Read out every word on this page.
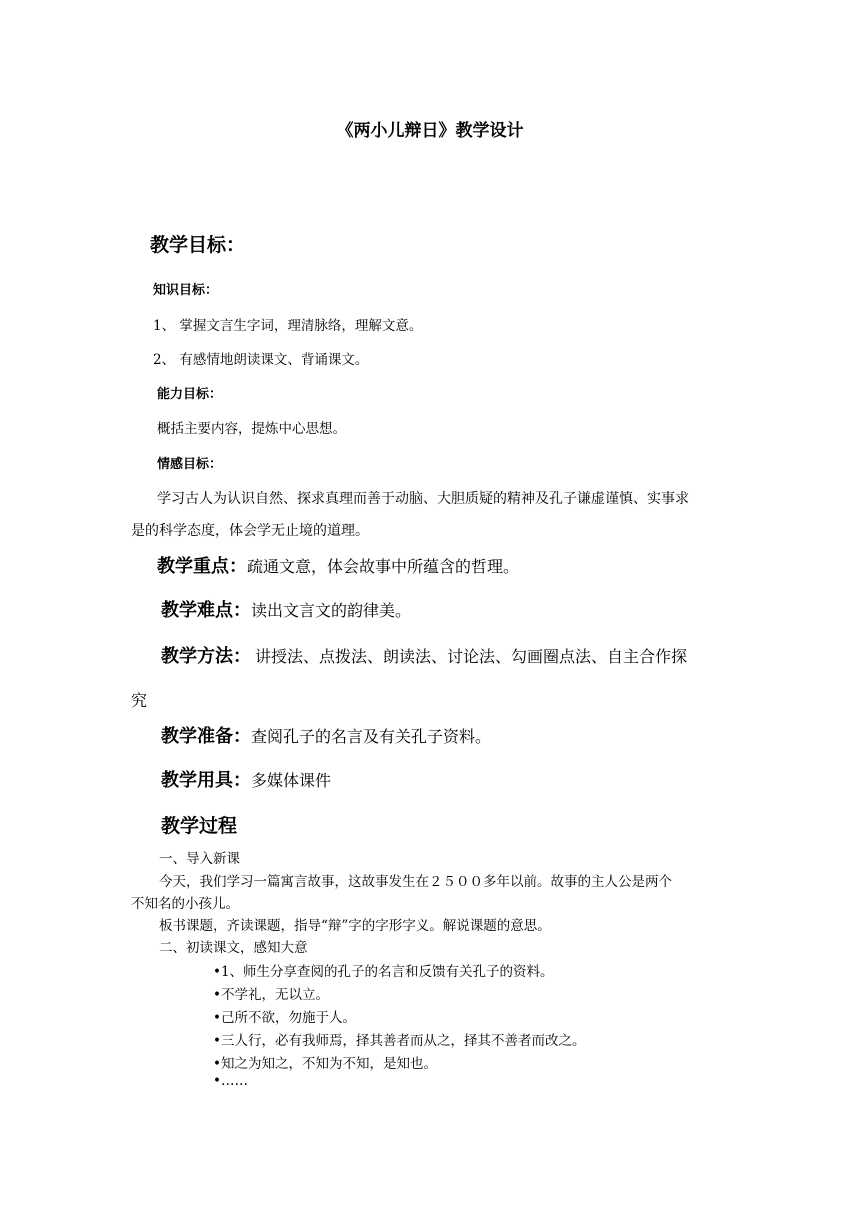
《两小儿辩日》教学设计
教学目标：
知识目标：
1、 掌握文言生字词，理清脉络，理解文意。
2、 有感情地朗读课文、背诵课文。
能力目标：
概括主要内容，提炼中心思想。
情感目标：
学习古人为认识自然、探求真理而善于动脑、大胆质疑的精神及孔子谦虚谨慎、实事求
是的科学态度，体会学无止境的道理。
教学重点：疏通文意，体会故事中所蕴含的哲理。
教学难点：读出文言文的韵律美。
教学方法： 讲授法、点拨法、朗读法、讨论法、勾画圈点法、自主合作探
究
教学准备：查阅孔子的名言及有关孔子资料。
教学用具：多媒体课件
教学过程
一、导入新课
今天，我们学习一篇寓言故事，这故事发生在２５００多年以前。故事的主人公是两个
不知名的小孩儿。
板书课题，齐读课题，指导“辩”字的字形字义。解说课题的意思。
二、初读课文，感知大意
•1、师生分享查阅的孔子的名言和反馈有关孔子的资料。
•不学礼，无以立。
•己所不欲，勿施于人。
•三人行，必有我师焉，择其善者而从之，择其不善者而改之。
•知之为知之，不知为不知，是知也。
•……
